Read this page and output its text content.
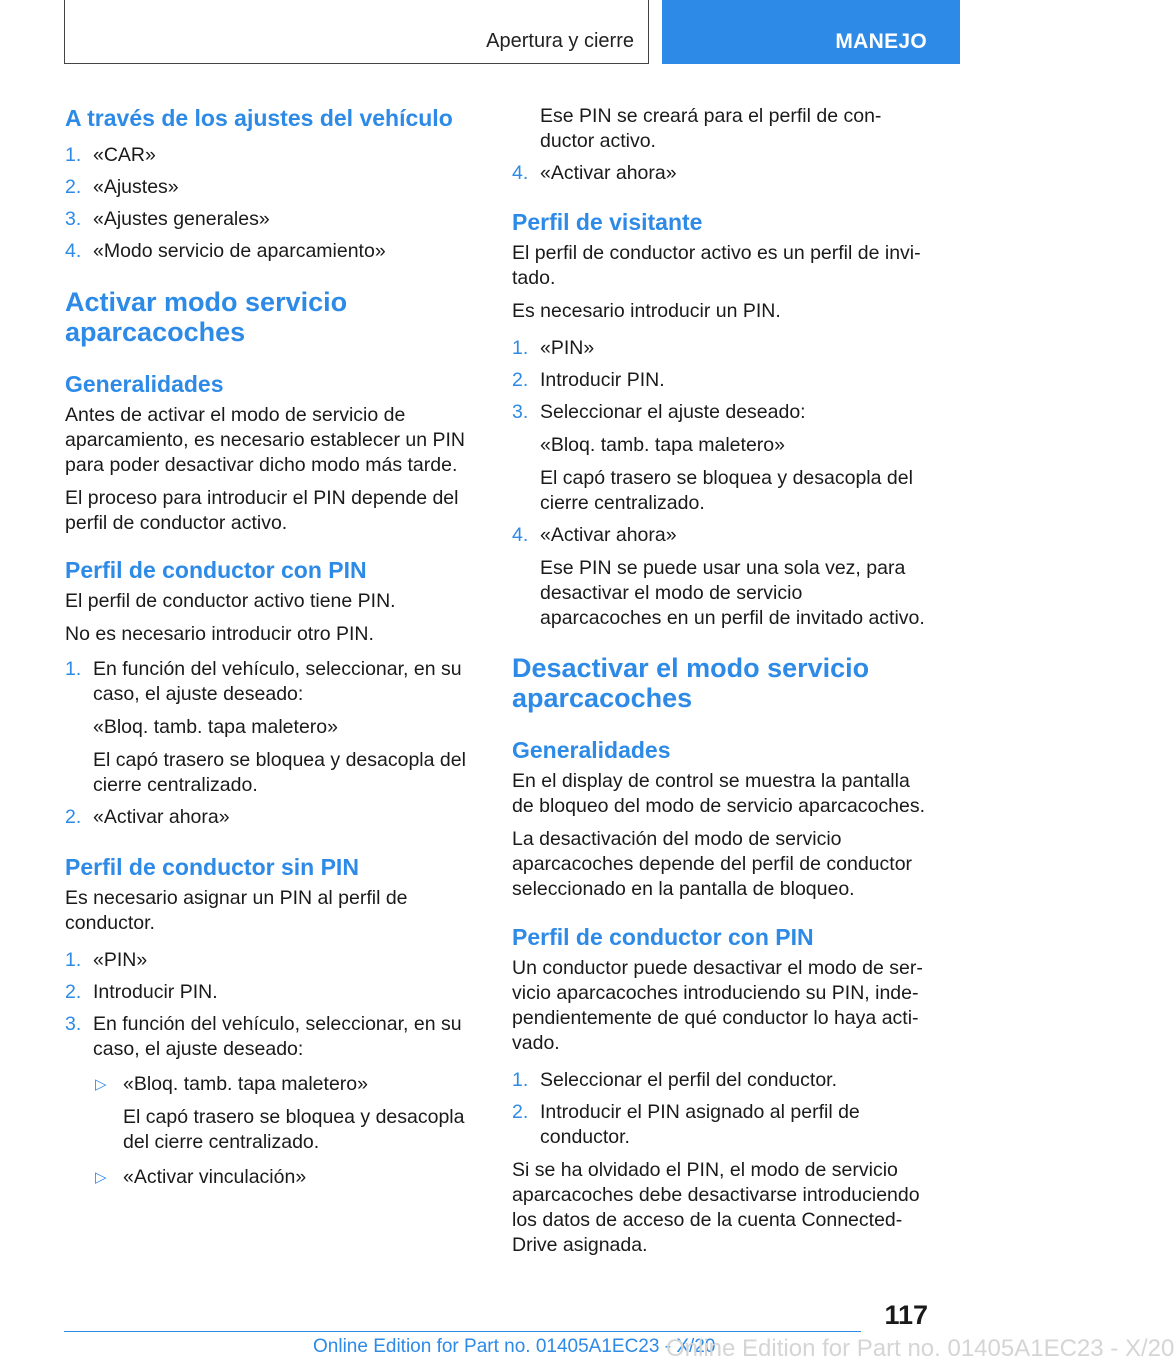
Apertura y cierre	MANEJO
A través de los ajustes del vehículo
1. «CAR»
2. «Ajustes»
3. «Ajustes generales»
4. «Modo servicio de aparcamiento»
Activar modo servicio
aparcacoches
Generalidades

Antes de activar el modo de servicio de aparcamiento, es necesario establecer un PIN para poder desactivar dicho modo más tarde.

El proceso para introducir el PIN depende del perfil de conductor activo.

Perfil de conductor con PIN

El perfil de conductor activo tiene PIN.

No es necesario introducir otro PIN.

1. En función del vehículo, seleccionar, en su caso, el ajuste deseado:

«Bloq. tamb. tapa maletero»

El capó trasero se bloquea y desacopla del cierre centralizado.

2. «Activar ahora»
Perfil de conductor sin PIN

Es necesario asignar un PIN al perfil de conductor.

1. «PIN»
2. Introducir PIN.
3. En función del vehículo, seleccionar, en su caso, el ajuste deseado:
▷ «Bloq. tamb. tapa maletero»

El capó trasero se bloquea y desacopla del cierre centralizado.

▷ «Activar vinculación»

Ese PIN se creará para el perfil de conductor activo.

4. «Activar ahora»
Perfil de visitante

El perfil de conductor activo es un perfil de invitado.

Es necesario introducir un PIN.

1. «PIN»
2. Introducir PIN.
3. Seleccionar el ajuste deseado:

«Bloq. tamb. tapa maletero»

El capó trasero se bloquea y desacopla del cierre centralizado.

4. «Activar ahora»

Ese PIN se puede usar una sola vez, para desactivar el modo de servicio aparcacoches en un perfil de invitado activo.

Desactivar el modo servicio
aparcacoches
Generalidades

En el display de control se muestra la pantalla de bloqueo del modo de servicio aparcacoches.

La desactivación del modo de servicio aparcacoches depende del perfil de conductor seleccionado en la pantalla de bloqueo.

Perfil de conductor con PIN

Un conductor puede desactivar el modo de servicio aparcacoches introduciendo su PIN, independientemente de qué conductor lo haya activado.

1. Seleccionar el perfil del conductor.
2. Introducir el PIN asignado al perfil de conductor.

Si se ha olvidado el PIN, el modo de servicio aparcacoches debe desactivarse introduciendo los datos de acceso de la cuenta ConnectedDrive asignada.

117
Online Edition for Part no. 01405A1EC23 - X/20
Online Edition for Part no. 01405A1EC23 - X/20
